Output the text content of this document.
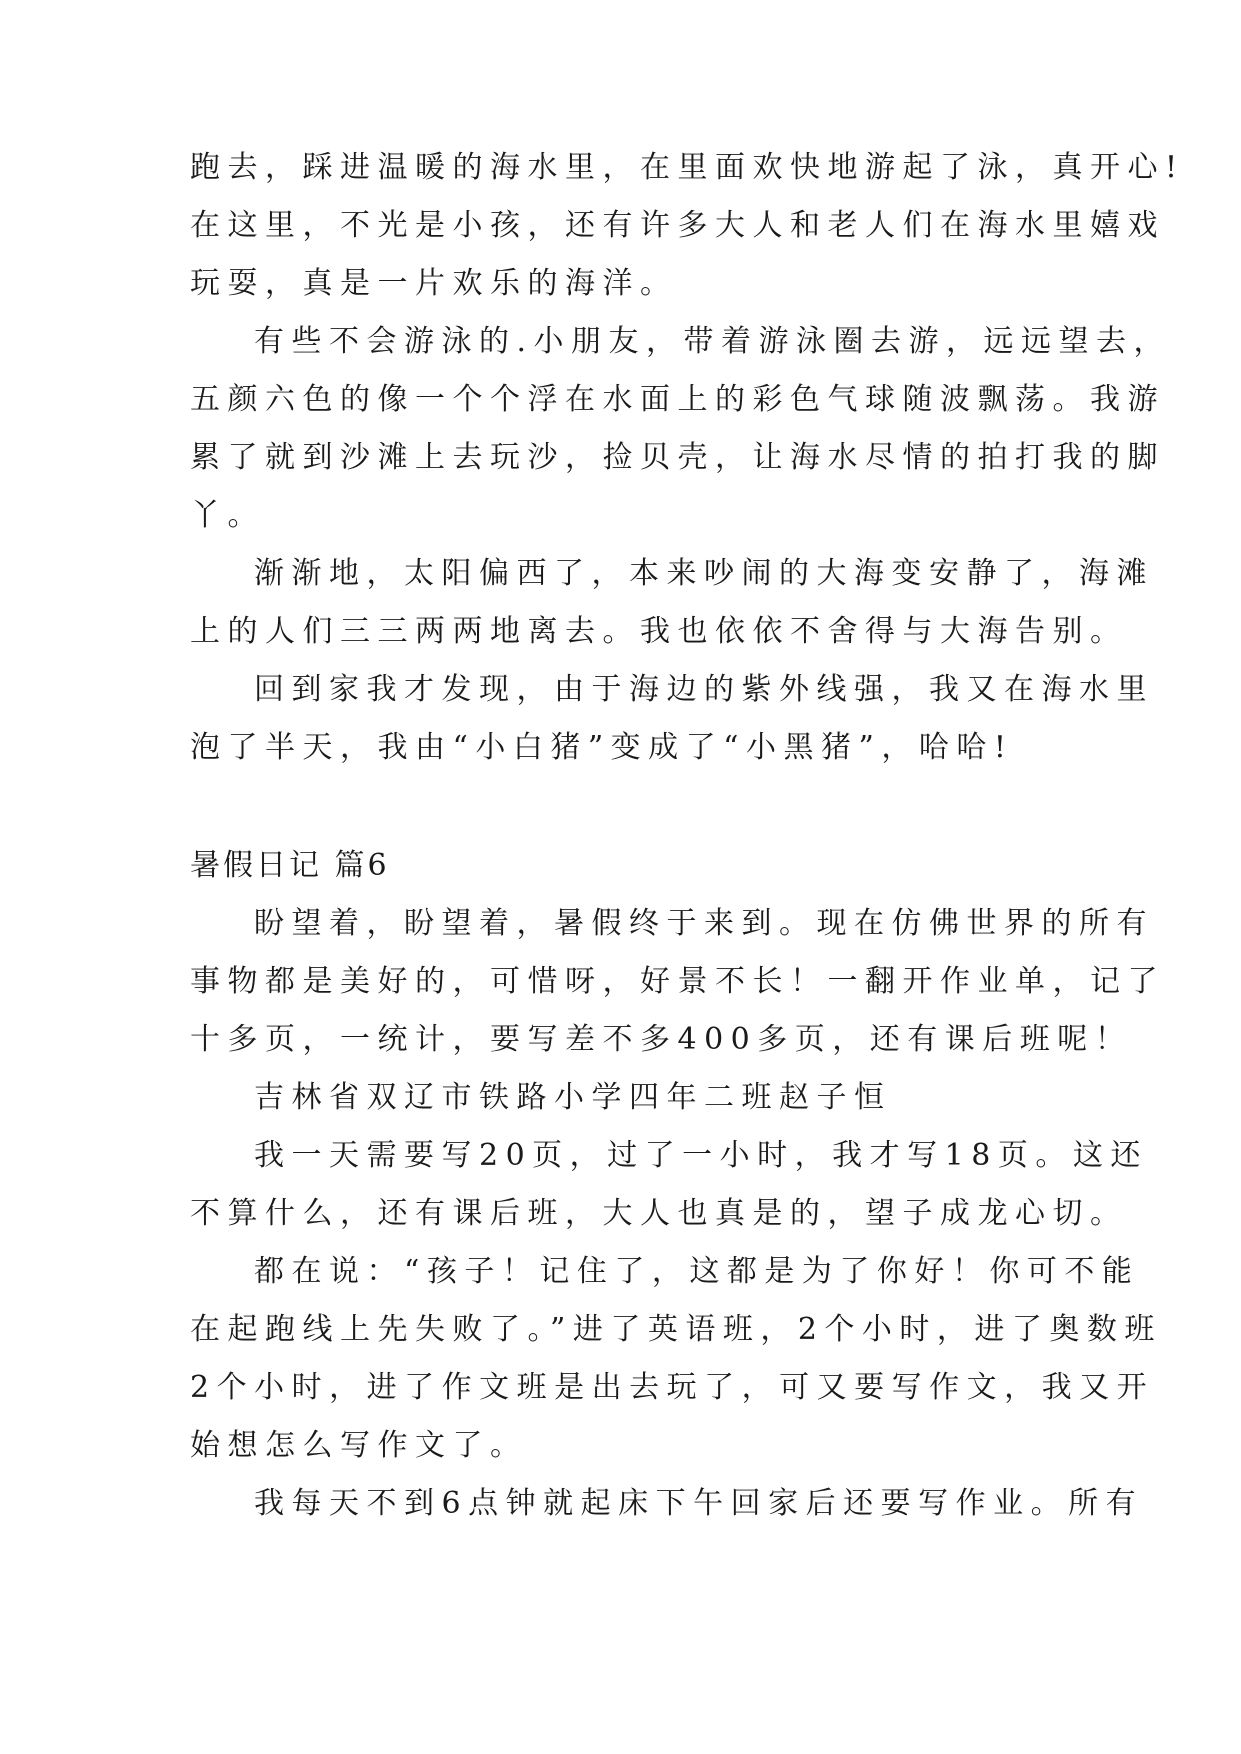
跑去，踩进温暖的海水里，在里面欢快地游起了泳，真开心!
在这里，不光是小孩，还有许多大人和老人们在海水里嬉戏
玩耍，真是一片欢乐的海洋。
有些不会游泳的.小朋友，带着游泳圈去游，远远望去，
五颜六色的像一个个浮在水面上的彩色气球随波飘荡。我游
累了就到沙滩上去玩沙，捡贝壳，让海水尽情的拍打我的脚
丫。
渐渐地，太阳偏西了，本来吵闹的大海变安静了，海滩
上的人们三三两两地离去。我也依依不舍得与大海告别。
回到家我才发现，由于海边的紫外线强，我又在海水里
泡了半天，我由“小白猪”变成了“小黑猪”，哈哈!
暑假日记 篇6
盼望着，盼望着，暑假终于来到。现在仿佛世界的所有
事物都是美好的，可惜呀，好景不长！一翻开作业单，记了
十多页，一统计，要写差不多400多页，还有课后班呢！
吉林省双辽市铁路小学四年二班赵子恒
我一天需要写20页，过了一小时，我才写18页。这还
不算什么，还有课后班，大人也真是的，望子成龙心切。
都在说：“孩子！记住了，这都是为了你好！你可不能
在起跑线上先失败了。”进了英语班，2个小时，进了奥数班
2个小时，进了作文班是出去玩了，可又要写作文，我又开
始想怎么写作文了。
我每天不到6点钟就起床下午回家后还要写作业。所有
